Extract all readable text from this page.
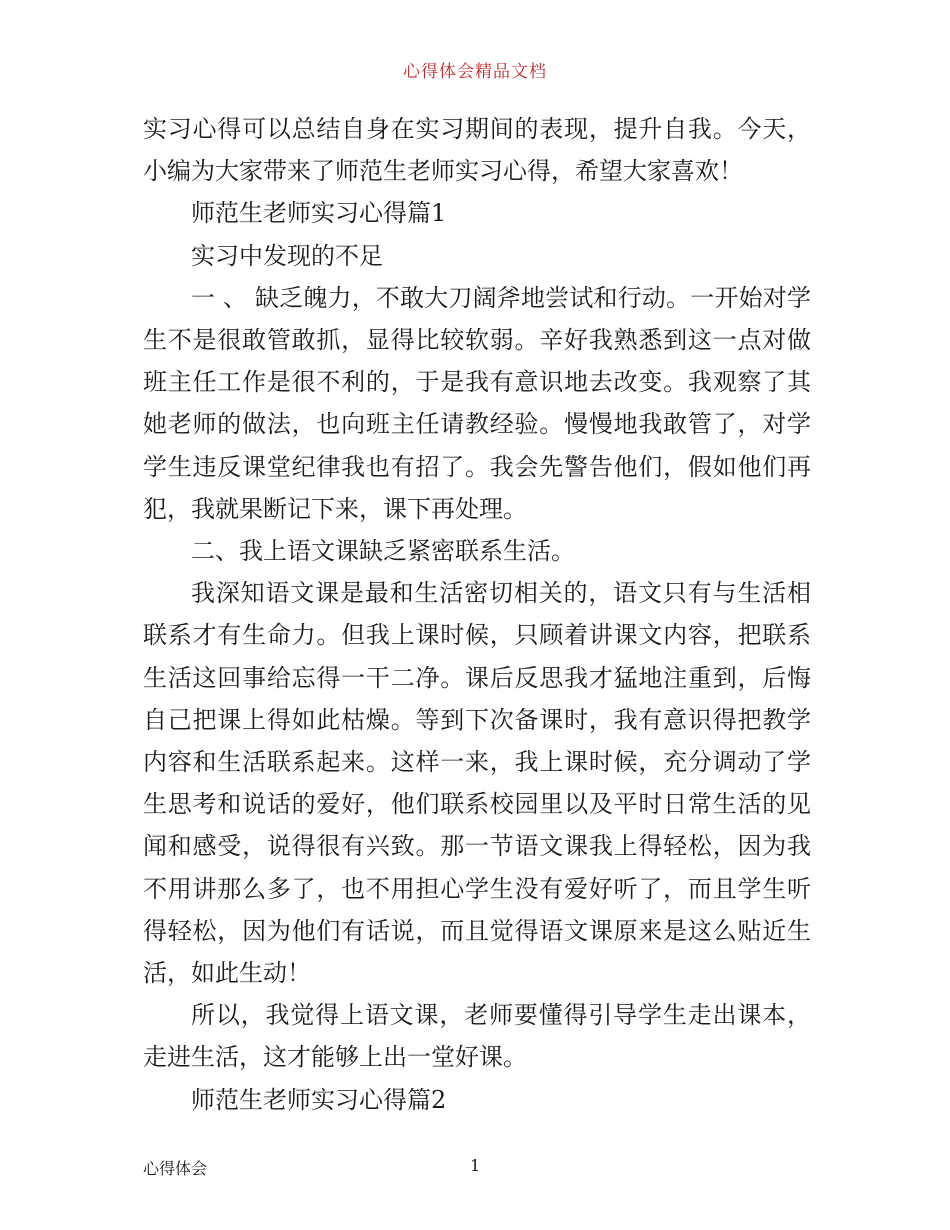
心得体会精品文档

实习心得可以总结自身在实习期间的表现，提升自我。今天，小编为大家带来了师范生老师实习心得，希望大家喜欢！

师范生老师实习心得篇1

实习中发现的不足

一 、 缺乏魄力，不敢大刀阔斧地尝试和行动。一开始对学生不是很敢管敢抓，显得比较软弱。辛好我熟悉到这一点对做班主任工作是很不利的，于是我有意识地去改变。我观察了其她老师的做法，也向班主任请教经验。慢慢地我敢管了，对学学生违反课堂纪律我也有招了。我会先警告他们，假如他们再犯，我就果断记下来，课下再处理。

二、我上语文课缺乏紧密联系生活。

我深知语文课是最和生活密切相关的，语文只有与生活相联系才有生命力。但我上课时候，只顾着讲课文内容，把联系生活这回事给忘得一干二净。课后反思我才猛地注重到，后悔自己把课上得如此枯燥。等到下次备课时，我有意识得把教学内容和生活联系起来。这样一来，我上课时候，充分调动了学生思考和说话的爱好，他们联系校园里以及平时日常生活的见闻和感受，说得很有兴致。那一节语文课我上得轻松，因为我不用讲那么多了，也不用担心学生没有爱好听了，而且学生听得轻松，因为他们有话说，而且觉得语文课原来是这么贴近生活，如此生动！

所以，我觉得上语文课，老师要懂得引导学生走出课本，走进生活，这才能够上出一堂好课。

师范生老师实习心得篇2

心得体会	1
